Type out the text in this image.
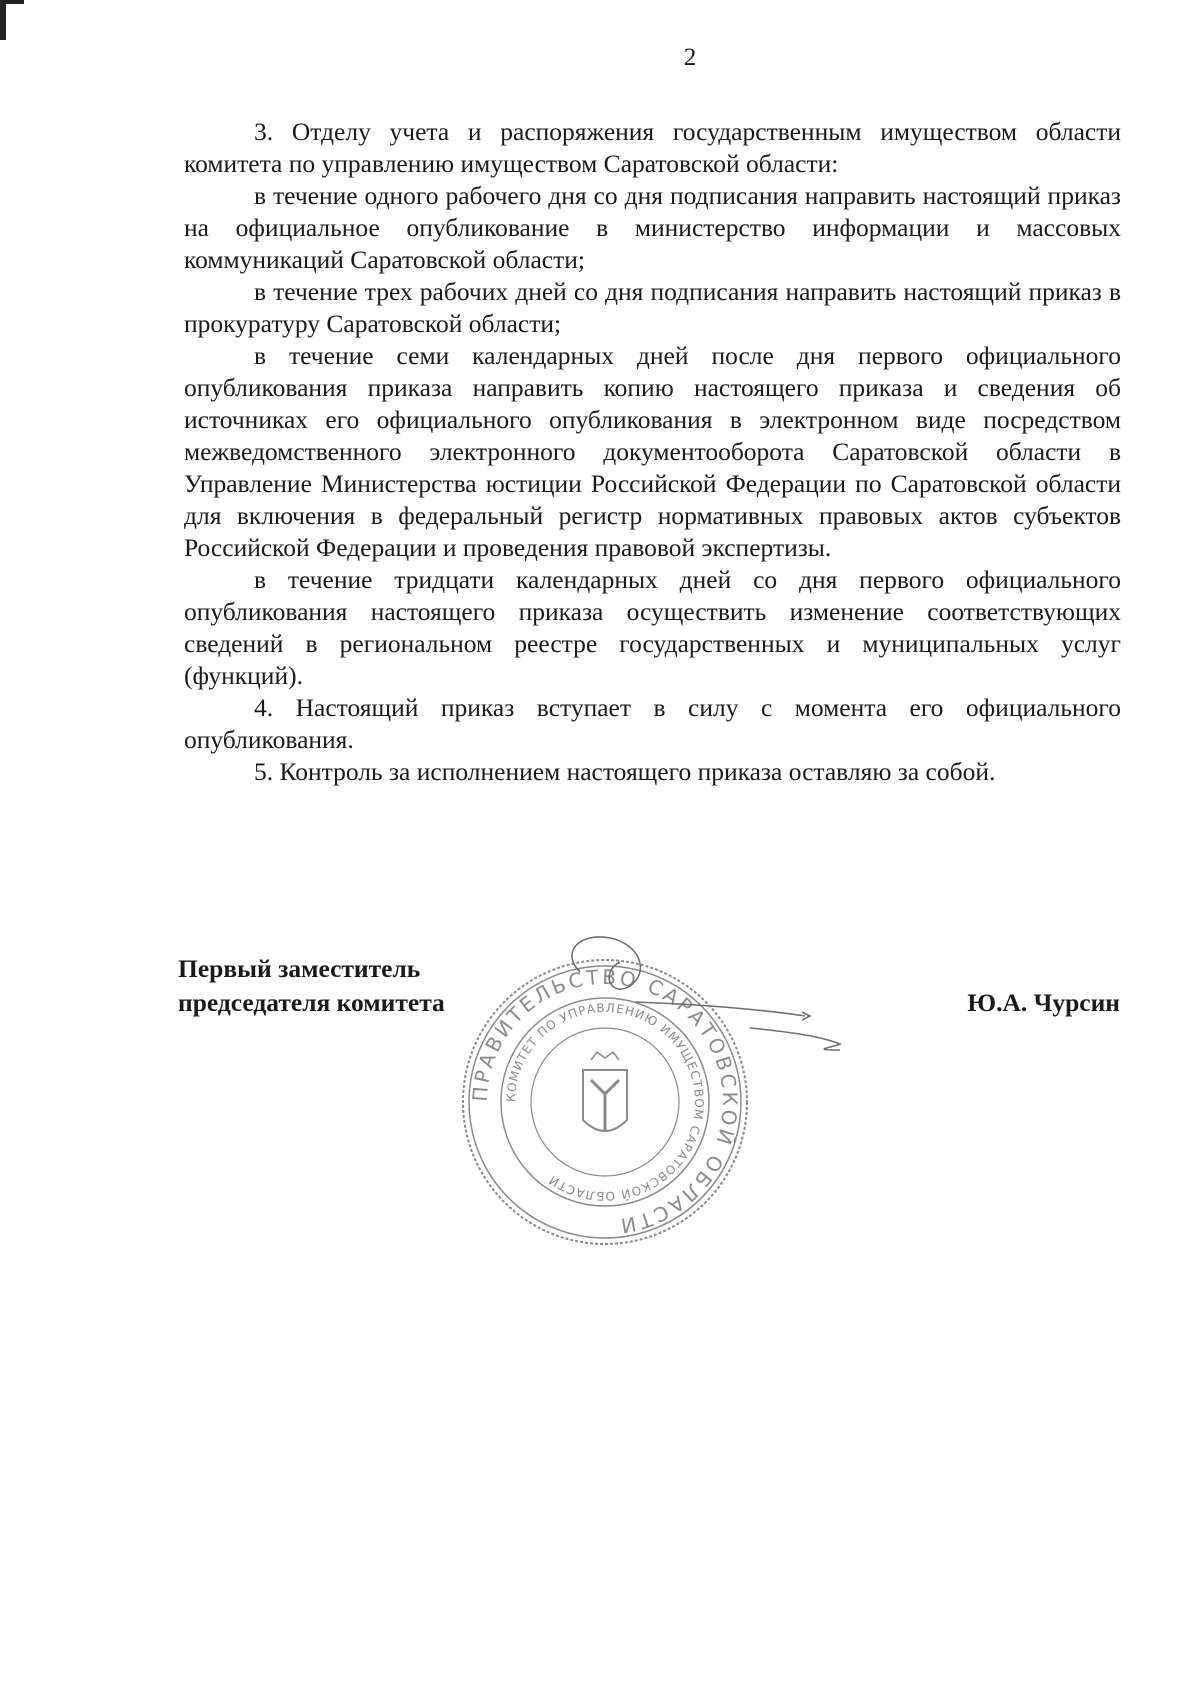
2

3. Отделу учета и распоряжения государственным имуществом области комитета по управлению имуществом Саратовской области:

в течение одного рабочего дня со дня подписания направить настоящий приказ на официальное опубликование в министерство информации и массовых коммуникаций Саратовской области;

в течение трех рабочих дней со дня подписания направить настоящий приказ в прокуратуру Саратовской области;

в течение семи календарных дней после дня первого официального опубликования приказа направить копию настоящего приказа и сведения об источниках его официального опубликования в электронном виде посредством межведомственного электронного документооборота Саратовской области в Управление Министерства юстиции Российской Федерации по Саратовской области для включения в федеральный регистр нормативных правовых актов субъектов Российской Федерации и проведения правовой экспертизы.

в течение тридцати календарных дней со дня первого официального опубликования настоящего приказа осуществить изменение соответствующих сведений в региональном реестре государственных и муниципальных услуг (функций).

4. Настоящий приказ вступает в силу с момента его официального опубликования.

5. Контроль за исполнением настоящего приказа оставляю за собой.

Первый заместитель
председателя комитета
ПРАВИТЕЛЬСТВО САРАТОВСКОЙ ОБЛАСТИ
КОМИТЕТ ПО УПРАВЛЕНИЮ ИМУЩЕСТВОМ САРАТОВСКОЙ ОБЛАСТИ
Ю.А. Чурсин
